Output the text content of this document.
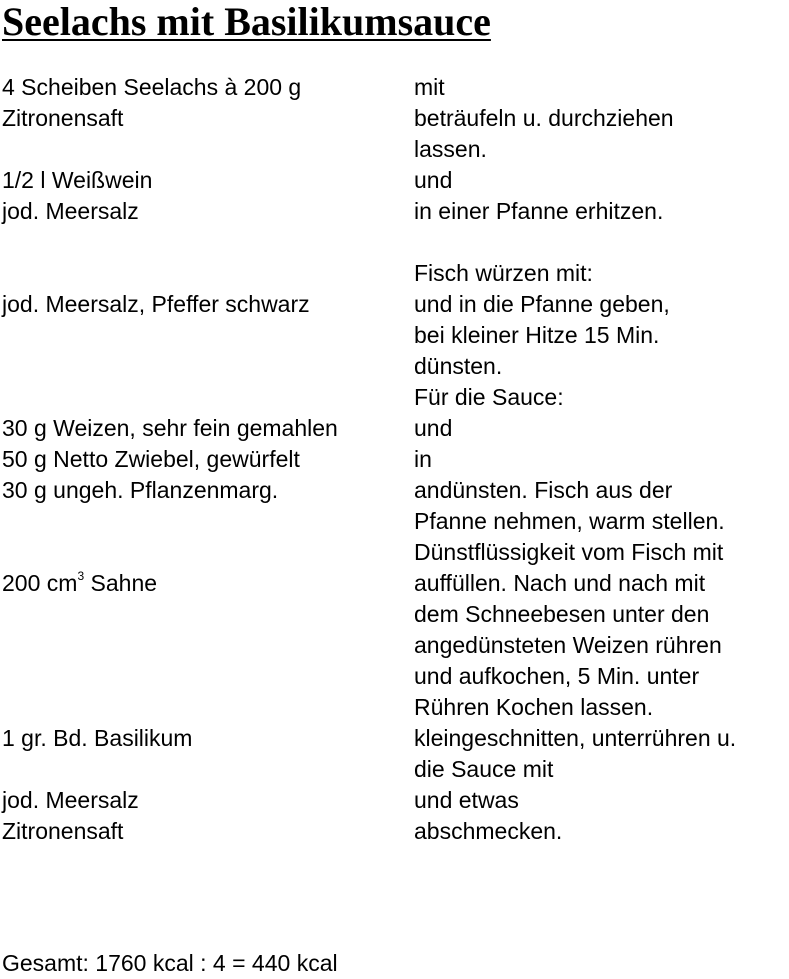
Seelachs mit Basilikumsauce
4 Scheiben Seelachs à 200 g	mit
Zitronensaft	beträufeln u. durchziehen
lassen.
1/2 l Weißwein	und
jod. Meersalz	in einer Pfanne erhitzen.
Fisch würzen mit:
jod. Meersalz, Pfeffer schwarz	und in die Pfanne geben,
bei kleiner Hitze 15 Min.
dünsten.
Für die Sauce:
30 g Weizen, sehr fein gemahlen	und
50 g Netto Zwiebel, gewürfelt	in
30 g ungeh. Pflanzenmarg.	andünsten. Fisch aus der
Pfanne nehmen, warm stellen.
Dünstflüssigkeit vom Fisch mit
200 $cm^3$ Sahne	auffüllen. Nach und nach mit
dem Schneebesen unter den
angedünsteten Weizen rühren
und aufkochen, 5 Min. unter
Rühren Kochen lassen.
1 gr. Bd. Basilikum	kleingeschnitten, unterrühren u.
die Sauce mit
jod. Meersalz	und etwas
Zitronensaft	abschmecken.
Gesamt: 1760 kcal : 4 = 440 kcal
